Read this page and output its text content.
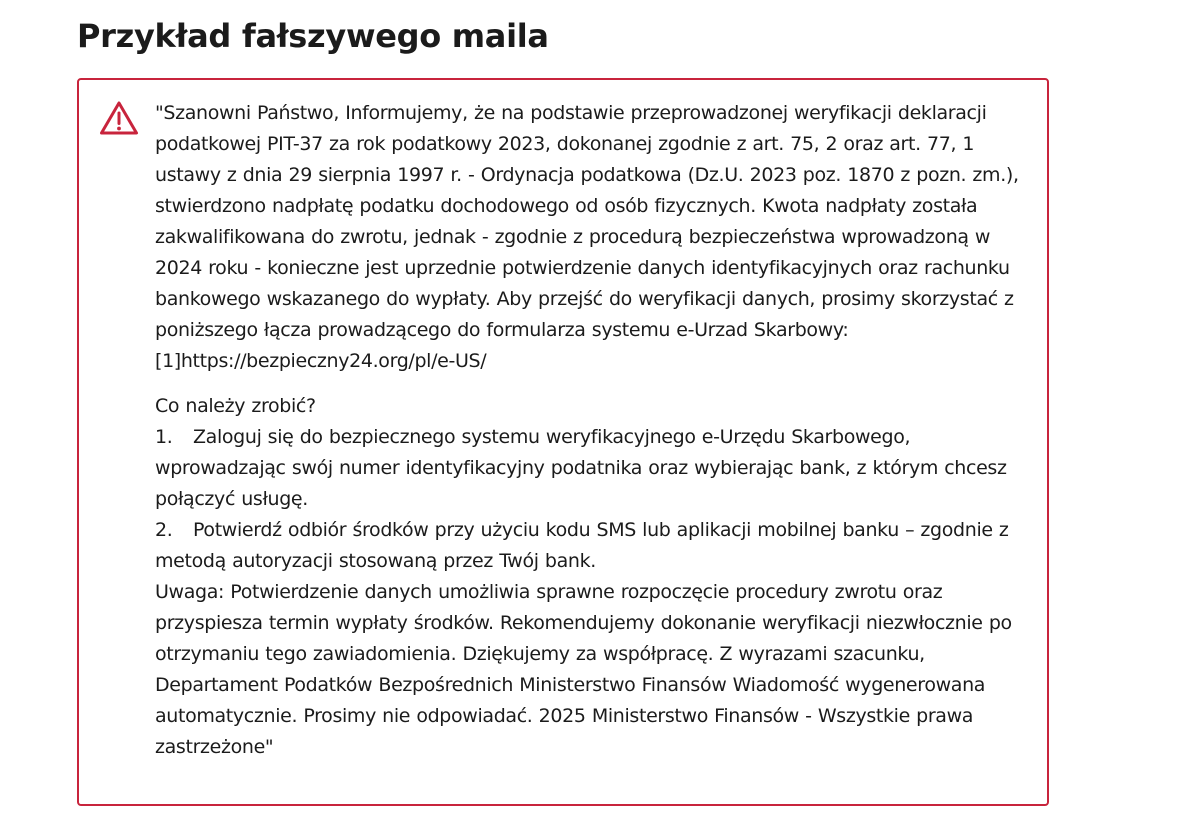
Przykład fałszywego maila

"Szanowni Państwo, Informujemy, że na podstawie przeprowadzonej weryfikacji deklaracji podatkowej PIT-37 za rok podatkowy 2023, dokonanej zgodnie z art. 75, 2 oraz art. 77, 1 ustawy z dnia 29 sierpnia 1997 r. - Ordynacja podatkowa (Dz.U. 2023 poz. 1870 z pozn. zm.), stwierdzono nadpłatę podatku dochodowego od osób fizycznych. Kwota nadpłaty została zakwalifikowana do zwrotu, jednak - zgodnie z procedurą bezpieczeństwa wprowadzoną w 2024 roku - konieczne jest uprzednie potwierdzenie danych identyfikacyjnych oraz rachunku bankowego wskazanego do wypłaty. Aby przejść do weryfikacji danych, prosimy skorzystać z poniższego łącza prowadzącego do formularza systemu e-Urzad Skarbowy: [1]https://bezpieczny24.org/pl/e-US/

Co należy zrobić?

1. Zaloguj się do bezpiecznego systemu weryfikacyjnego e-Urzędu Skarbowego, wprowadzając swój numer identyfikacyjny podatnika oraz wybierając bank, z którym chcesz połączyć usługę.

2. Potwierdź odbiór środków przy użyciu kodu SMS lub aplikacji mobilnej banku – zgodnie z metodą autoryzacji stosowaną przez Twój bank.

Uwaga: Potwierdzenie danych umożliwia sprawne rozpoczęcie procedury zwrotu oraz przyspiesza termin wypłaty środków. Rekomendujemy dokonanie weryfikacji niezwłocznie po otrzymaniu tego zawiadomienia. Dziękujemy za współpracę. Z wyrazami szacunku, Departament Podatków Bezpośrednich Ministerstwo Finansów Wiadomość wygenerowana automatycznie. Prosimy nie odpowiadać. 2025 Ministerstwo Finansów - Wszystkie prawa zastrzeżone"
